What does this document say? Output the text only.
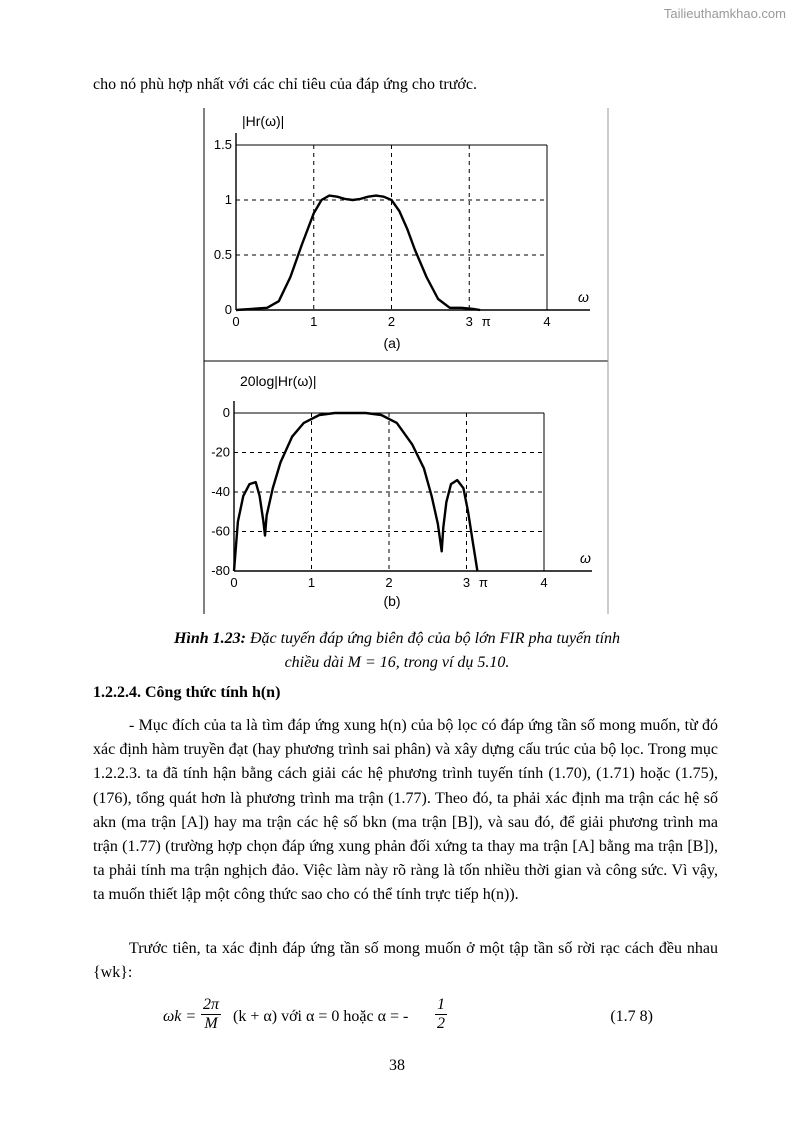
Tailieuthamkhao.com
cho nó phù hợp nhất với các chỉ tiêu của đáp ứng cho trước.
0	1	2	3	4
0
0.5
1
1.5
π
|Hr(ω)|
ω
(a)
0	1	2	3	4
0
-20
-40
-60
-80
π
20log|Hr(ω)|
ω
(b)
Hình 1.23: Đặc tuyến đáp ứng biên độ của bộ lớn FIR pha tuyến tính
chiều dài M = 16, trong ví dụ 5.10.
1.2.2.4. Công thức tính h(n)

- Mục đích của ta là tìm đáp ứng xung h(n) của bộ lọc có đáp ứng tần số mong muốn, từ đó xác định hàm truyền đạt (hay phương trình sai phân) và xây dựng cấu trúc của bộ lọc. Trong mục 1.2.2.3. ta đã tính hận bằng cách giải các hệ phương trình tuyến tính (1.70), (1.71) hoặc (1.75), (176), tổng quát hơn là phương trình ma trận (1.77). Theo đó, ta phải xác định ma trận các hệ số akn (ma trận [A]) hay ma trận các hệ số bkn (ma trận [B]), và sau đó, để giải phương trình ma trận (1.77) (trường hợp chọn đáp ứng xung phản đối xứng ta thay ma trận [A] bằng ma trận [B]), ta phải tính ma trận nghịch đảo. Việc làm này rõ ràng là tốn nhiều thời gian và công sức. Vì vậy, ta muốn thiết lập một công thức sao cho có thể tính trực tiếp h(n)).

Trước tiên, ta xác định đáp ứng tần số mong muốn ở một tập tần số rời rạc cách đều nhau {wk}:

$\omega k = \frac{2\pi}{M} (k + \alpha)$ với α = 0 hoặc α = - $\frac{1}{2}$	(1.7 8)
38
